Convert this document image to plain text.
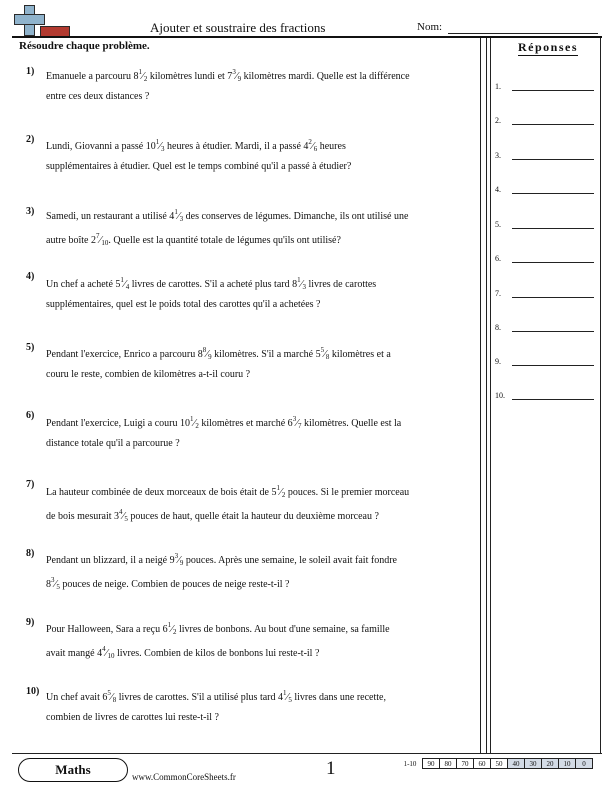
Ajouter et soustraire des fractions	Nom:
Résoudre chaque problème.
1) Emanuele a parcouru $8^1⁄_2$ kilomètres lundi et $7^3⁄_9$ kilomètres mardi. Quelle est la différence
entre ces deux distances ?
2)
Lundi, Giovanni a passé $10^1⁄_3$ heures à étudier. Mardi, il a passé $4^2⁄_6$ heures
supplémentaires à étudier. Quel est le temps combiné qu'il a passé à étudier?
3) Samedi, un restaurant a utilisé $4^1⁄_3$ des conserves de légumes. Dimanche, ils ont utilisé une
autre boîte $2^7⁄_{10}$. Quelle est la quantité totale de légumes qu'ils ont utilisé?
4)
Un chef a acheté $5^1⁄_4$ livres de carottes. S'il a acheté plus tard $8^1⁄_3$ livres de carottes
supplémentaires, quel est le poids total des carottes qu'il a achetées ?
5)
Pendant l'exercice, Enrico a parcouru $8^8⁄_9$ kilomètres. S'il a marché $5^5⁄_8$ kilomètres et a
couru le reste, combien de kilomètres a-t-il couru ?
6)
Pendant l'exercice, Luigi a couru $10^1⁄_2$ kilomètres et marché $6^3⁄_7$ kilomètres. Quelle est la
distance totale qu'il a parcourue ?
7)
La hauteur combinée de deux morceaux de bois était de $5^1⁄_2$ pouces. Si le premier morceau
de bois mesurait $3^4⁄_5$ pouces de haut, quelle était la hauteur du deuxième morceau ?
8)
Pendant un blizzard, il a neigé $9^3⁄_9$ pouces. Après une semaine, le soleil avait fait fondre
$8^3⁄_5$ pouces de neige. Combien de pouces de neige reste-t-il ?
9)
Pour Halloween, Sara a reçu $6^1⁄_2$ livres de bonbons. Au bout d'une semaine, sa famille
avait mangé $4^4⁄_{10}$ livres. Combien de kilos de bonbons lui reste-t-il ?
10)
Un chef avait $6^5⁄_8$ livres de carottes. S'il a utilisé plus tard $4^1⁄_5$ livres dans une recette,
combien de livres de carottes lui reste-t-il ?
Réponses
1.
2.
3.
4.
5.
6.
7.
8.
9.
10.
Maths	www.CommonCoreSheets.fr	1	1-10	90	80	70	60	50	40	30	20	10	0
